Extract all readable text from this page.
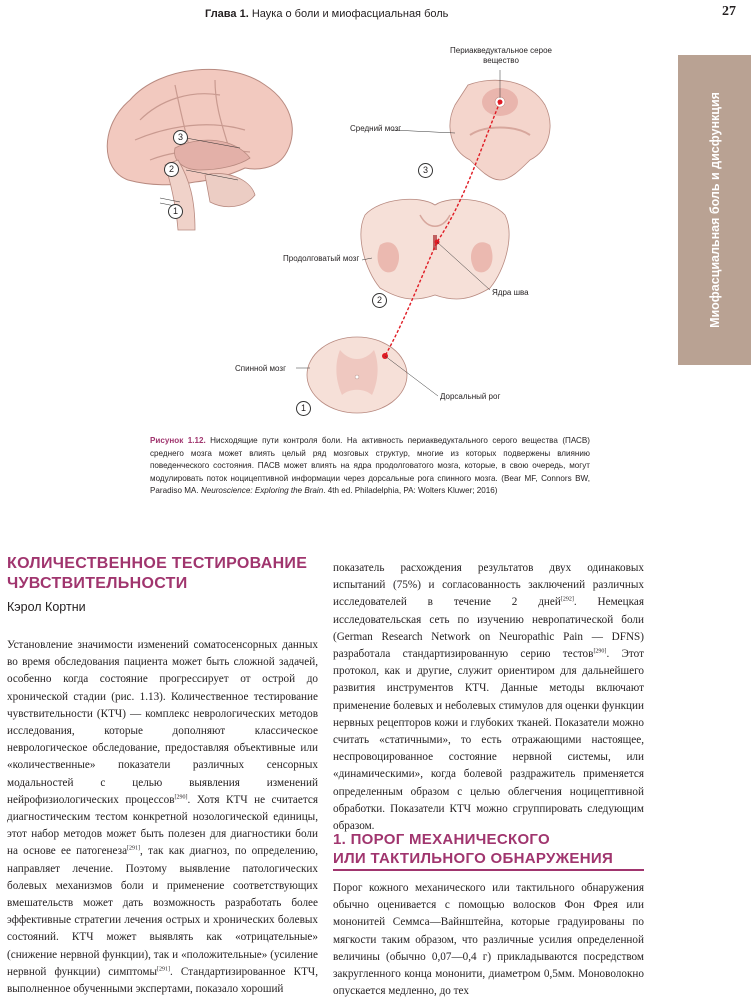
Глава 1. Наука о боли и миофасциальная боль	27
Миофасциальная боль и дисфункция
Периакведуктальное серое вещество
Средний мозг
Продолговатый мозг
Ядра шва
Спинной мозг
Дорсальный рог
3
2
1
3
2
1
Рисунок 1.12. Нисходящие пути контроля боли. На активность периакведуктального серого вещества (ПАСВ) среднего мозга может влиять целый ряд мозговых структур, многие из которых подвержены влиянию поведенческого состояния. ПАСВ может влиять на ядра продолговатого мозга, которые, в свою очередь, могут модулировать поток ноцицептивной информации через дорсальные рога спинного мозга. (Bear MF, Connors BW, Paradiso MA. Neuroscience: Exploring the Brain. 4th ed. Philadelphia, PA: Wolters Kluwer; 2016)
КОЛИЧЕСТВЕННОЕ ТЕСТИРОВАНИЕ
ЧУВСТВИТЕЛЬНОСТИ
Кэрол Кортни

Установление значимости изменений соматосенсорных данных во время обследования пациента может быть сложной задачей, особенно когда состояние прогрессирует от острой до хронической стадии (рис. 1.13). Количественное тестирование чувствительности (КТЧ) — комплекс неврологических методов исследования, которые дополняют классическое неврологическое обследование, предоставляя объективные или «количественные» показатели различных сенсорных модальностей с целью выявления изменений нейрофизиологических процессов[290]. Хотя КТЧ не считается диагностическим тестом конкретной нозологической единицы, этот набор методов может быть полезен для диагностики боли на основе ее патогенеза[291], так как диагноз, по определению, направляет лечение. Поэтому выявление патологических болевых механизмов боли и применение соответствующих вмешательств может дать возможность разработать более эффективные стратегии лечения острых и хронических болевых состояний. КТЧ может выявлять как «отрицательные» (снижение нервной функции), так и «положительные» (усиление нервной функции) симптомы[291]. Стандартизированное КТЧ, выполненное обученными экспертами, показало хороший

показатель расхождения результатов двух одинаковых испытаний (75%) и согласованность заключений различных исследователей в течение 2 дней[292]. Немецкая исследовательская сеть по изучению невропатической боли (German Research Network on Neuropathic Pain — DFNS) разработала стандартизированную серию тестов[290]. Этот протокол, как и другие, служит ориентиром для дальнейшего развития инструментов КТЧ. Данные методы включают применение болевых и неболевых стимулов для оценки функции нервных рецепторов кожи и глубоких тканей. Показатели можно считать «статичными», то есть отражающими настоящее, неспровоцированное состояние нервной системы, или «динамическими», когда болевой раздражитель применяется определенным образом с целью облегчения ноцицептивной обработки. Показатели КТЧ можно сгруппировать следующим образом.

1. ПОРОГ МЕХАНИЧЕСКОГО
ИЛИ ТАКТИЛЬНОГО ОБНАРУЖЕНИЯ

Порог кожного механического или тактильного обнаружения обычно оценивается с помощью волосков Фон Фрея или мононитей Семмса—Вайнштейна, которые градуированы по мягкости таким образом, что различные усилия определенной величины (обычно 0,07—0,4 г) прикладываются посредством закругленного конца мононити, диаметром 0,5мм. Моноволокно опускается медленно, до тех
